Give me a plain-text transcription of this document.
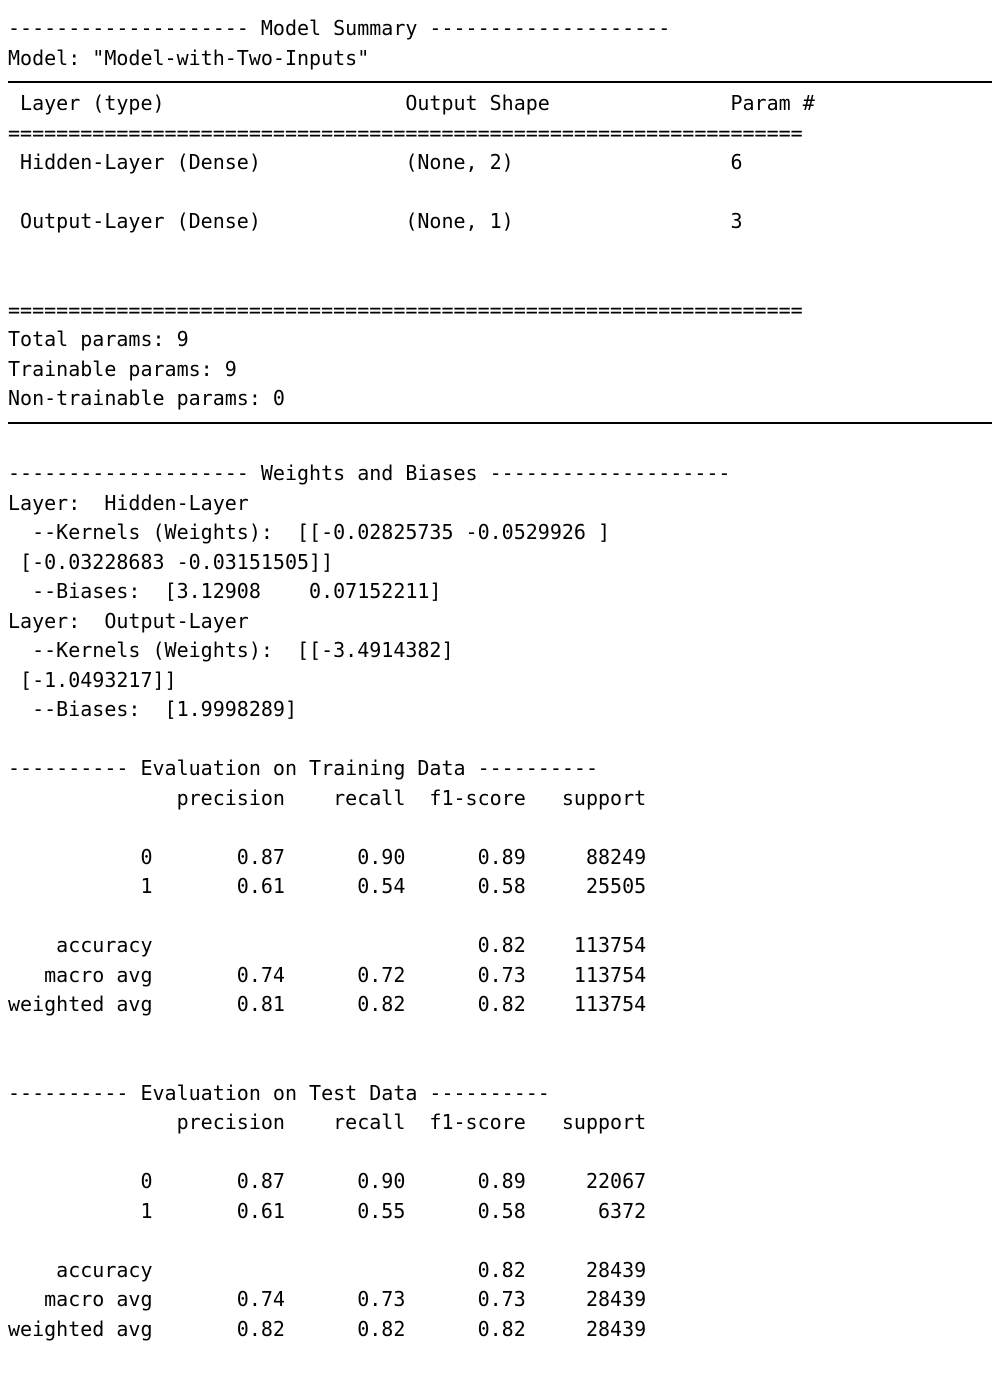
-------------------- Model Summary --------------------
Model: "Model-with-Two-Inputs"
Layer (type)                    Output Shape               Param #
==================================================================
Hidden-Layer (Dense)            (None, 2)                  6

Output-Layer (Dense)            (None, 1)                  3

==================================================================
Total params: 9
Trainable params: 9
Non-trainable params: 0

-------------------- Weights and Biases --------------------
Layer:  Hidden-Layer
--Kernels (Weights):  [[-0.02825735 -0.0529926 ]
[-0.03228683 -0.03151505]]
--Biases:  [3.12908    0.07152211]
Layer:  Output-Layer
--Kernels (Weights):  [[-3.4914382]
[-1.0493217]]
--Biases:  [1.9998289]

---------- Evaluation on Training Data ----------
precision    recall  f1-score   support

0       0.87      0.90      0.89     88249
1       0.61      0.54      0.58     25505

accuracy                           0.82    113754
macro avg       0.74      0.72      0.73    113754
weighted avg       0.81      0.82      0.82    113754

---------- Evaluation on Test Data ----------
precision    recall  f1-score   support

0       0.87      0.90      0.89     22067
1       0.61      0.55      0.58      6372

accuracy                           0.82     28439
macro avg       0.74      0.73      0.73     28439
weighted avg       0.82      0.82      0.82     28439
